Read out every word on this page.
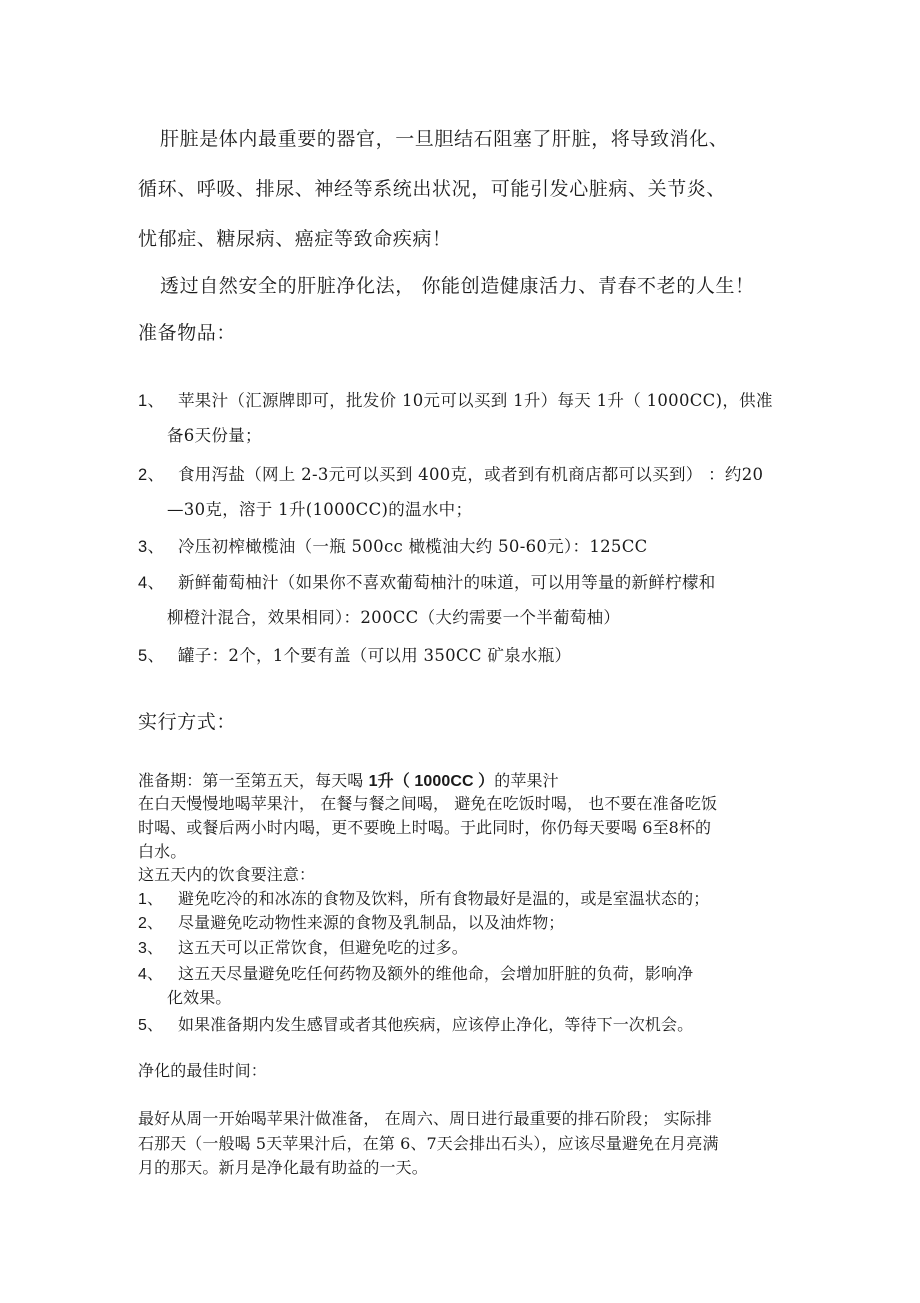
肝脏是体内最重要的器官，一旦胆结石阻塞了肝脏，将导致消化、
循环、呼吸、排尿、神经等系统出状况，可能引发心脏病、关节炎、
忧郁症、糖尿病、癌症等致命疾病！
透过自然安全的肝脏净化法， 你能创造健康活力、青春不老的人生！
准备物品：
1、 苹果汁（汇源牌即可，批发价 10元可以买到 1升）每天 1升（ 1000CC)，供准
备6天份量；
2、 食用泻盐（网上 2-3元可以买到 400克，或者到有机商店都可以买到） ：约20
—30克，溶于 1升(1000CC)的温水中；
3、 冷压初榨橄榄油（一瓶 500cc 橄榄油大约 50-60元）：125CC
4、 新鲜葡萄柚汁（如果你不喜欢葡萄柚汁的味道，可以用等量的新鲜柠檬和
柳橙汁混合，效果相同）：200CC（大约需要一个半葡萄柚）
5、 罐子：2个，1个要有盖（可以用 350CC 矿泉水瓶）
实行方式：
准备期：第一至第五天，每天喝 1升（ 1000CC ）的苹果汁
在白天慢慢地喝苹果汁， 在餐与餐之间喝， 避免在吃饭时喝， 也不要在准备吃饭
时喝、或餐后两小时内喝，更不要晚上时喝。于此同时，你仍每天要喝 6至8杯的
白水。
这五天内的饮食要注意：
1、 避免吃冷的和冰冻的食物及饮料，所有食物最好是温的，或是室温状态的；
2、 尽量避免吃动物性来源的食物及乳制品，以及油炸物；
3、 这五天可以正常饮食，但避免吃的过多。
4、 这五天尽量避免吃任何药物及额外的维他命，会增加肝脏的负荷，影响净
化效果。
5、 如果准备期内发生感冒或者其他疾病，应该停止净化，等待下一次机会。
净化的最佳时间：
最好从周一开始喝苹果汁做准备， 在周六、周日进行最重要的排石阶段； 实际排
石那天（一般喝 5天苹果汁后，在第 6、7天会排出石头），应该尽量避免在月亮满
月的那天。新月是净化最有助益的一天。
